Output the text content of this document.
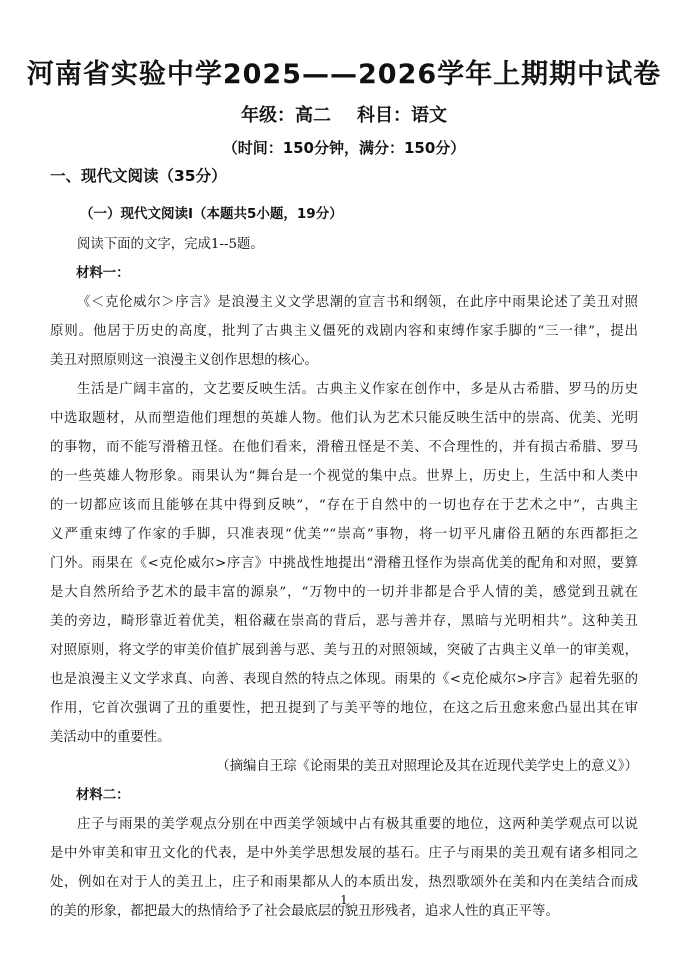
河南省实验中学2025——2026学年上期期中试卷
年级：高二 科目：语文
（时间：150分钟，满分：150分）
一、现代文阅读（35分）
（一）现代文阅读Ⅰ（本题共5小题，19分）
阅读下面的文字，完成1--5题。
材料一：
《＜克伦威尔＞序言》是浪漫主义文学思潮的宣言书和纲领，在此序中雨果论述了美丑对照
原则。他居于历史的高度，批判了古典主义僵死的戏剧内容和束缚作家手脚的“三一律”，提出
美丑对照原则这一浪漫主义创作思想的核心。
生活是广阔丰富的，文艺要反映生活。古典主义作家在创作中，多是从古希腊、罗马的历史
中选取题材，从而塑造他们理想的英雄人物。他们认为艺术只能反映生活中的崇高、优美、光明
的事物，而不能写滑稽丑怪。在他们看来，滑稽丑怪是不美、不合理性的，并有损古希腊、罗马
的一些英雄人物形象。雨果认为“舞台是一个视觉的集中点。世界上，历史上，生活中和人类中
的一切都应该而且能够在其中得到反映”，“存在于自然中的一切也存在于艺术之中”，古典主
义严重束缚了作家的手脚，只准表现“优美”“崇高”事物，将一切平凡庸俗丑陋的东西都拒之
门外。雨果在《<克伦威尔>序言》中挑战性地提出“滑稽丑怪作为崇高优美的配角和对照，要算
是大自然所给予艺术的最丰富的源泉”，“万物中的一切并非都是合乎人情的美，感觉到丑就在
美的旁边，畸形靠近着优美，粗俗藏在崇高的背后，恶与善并存，黑暗与光明相共”。这种美丑
对照原则，将文学的审美价值扩展到善与恶、美与丑的对照领域，突破了古典主义单一的审美观，
也是浪漫主义文学求真、向善、表现自然的特点之体现。雨果的《<克伦威尔>序言》起着先驱的
作用，它首次强调了丑的重要性，把丑提到了与美平等的地位，在这之后丑愈来愈凸显出其在审
美活动中的重要性。
（摘编自王琮《论雨果的美丑对照理论及其在近现代美学史上的意义》）
材料二：
庄子与雨果的美学观点分别在中西美学领域中占有极其重要的地位，这两种美学观点可以说
是中外审美和审丑文化的代表，是中外美学思想发展的基石。庄子与雨果的美丑观有诸多相同之
处，例如在对于人的美丑上，庄子和雨果都从人的本质出发，热烈歌颂外在美和内在美结合而成
的美的形象，都把最大的热情给予了社会最底层的貌丑形残者，追求人性的真正平等。
1
